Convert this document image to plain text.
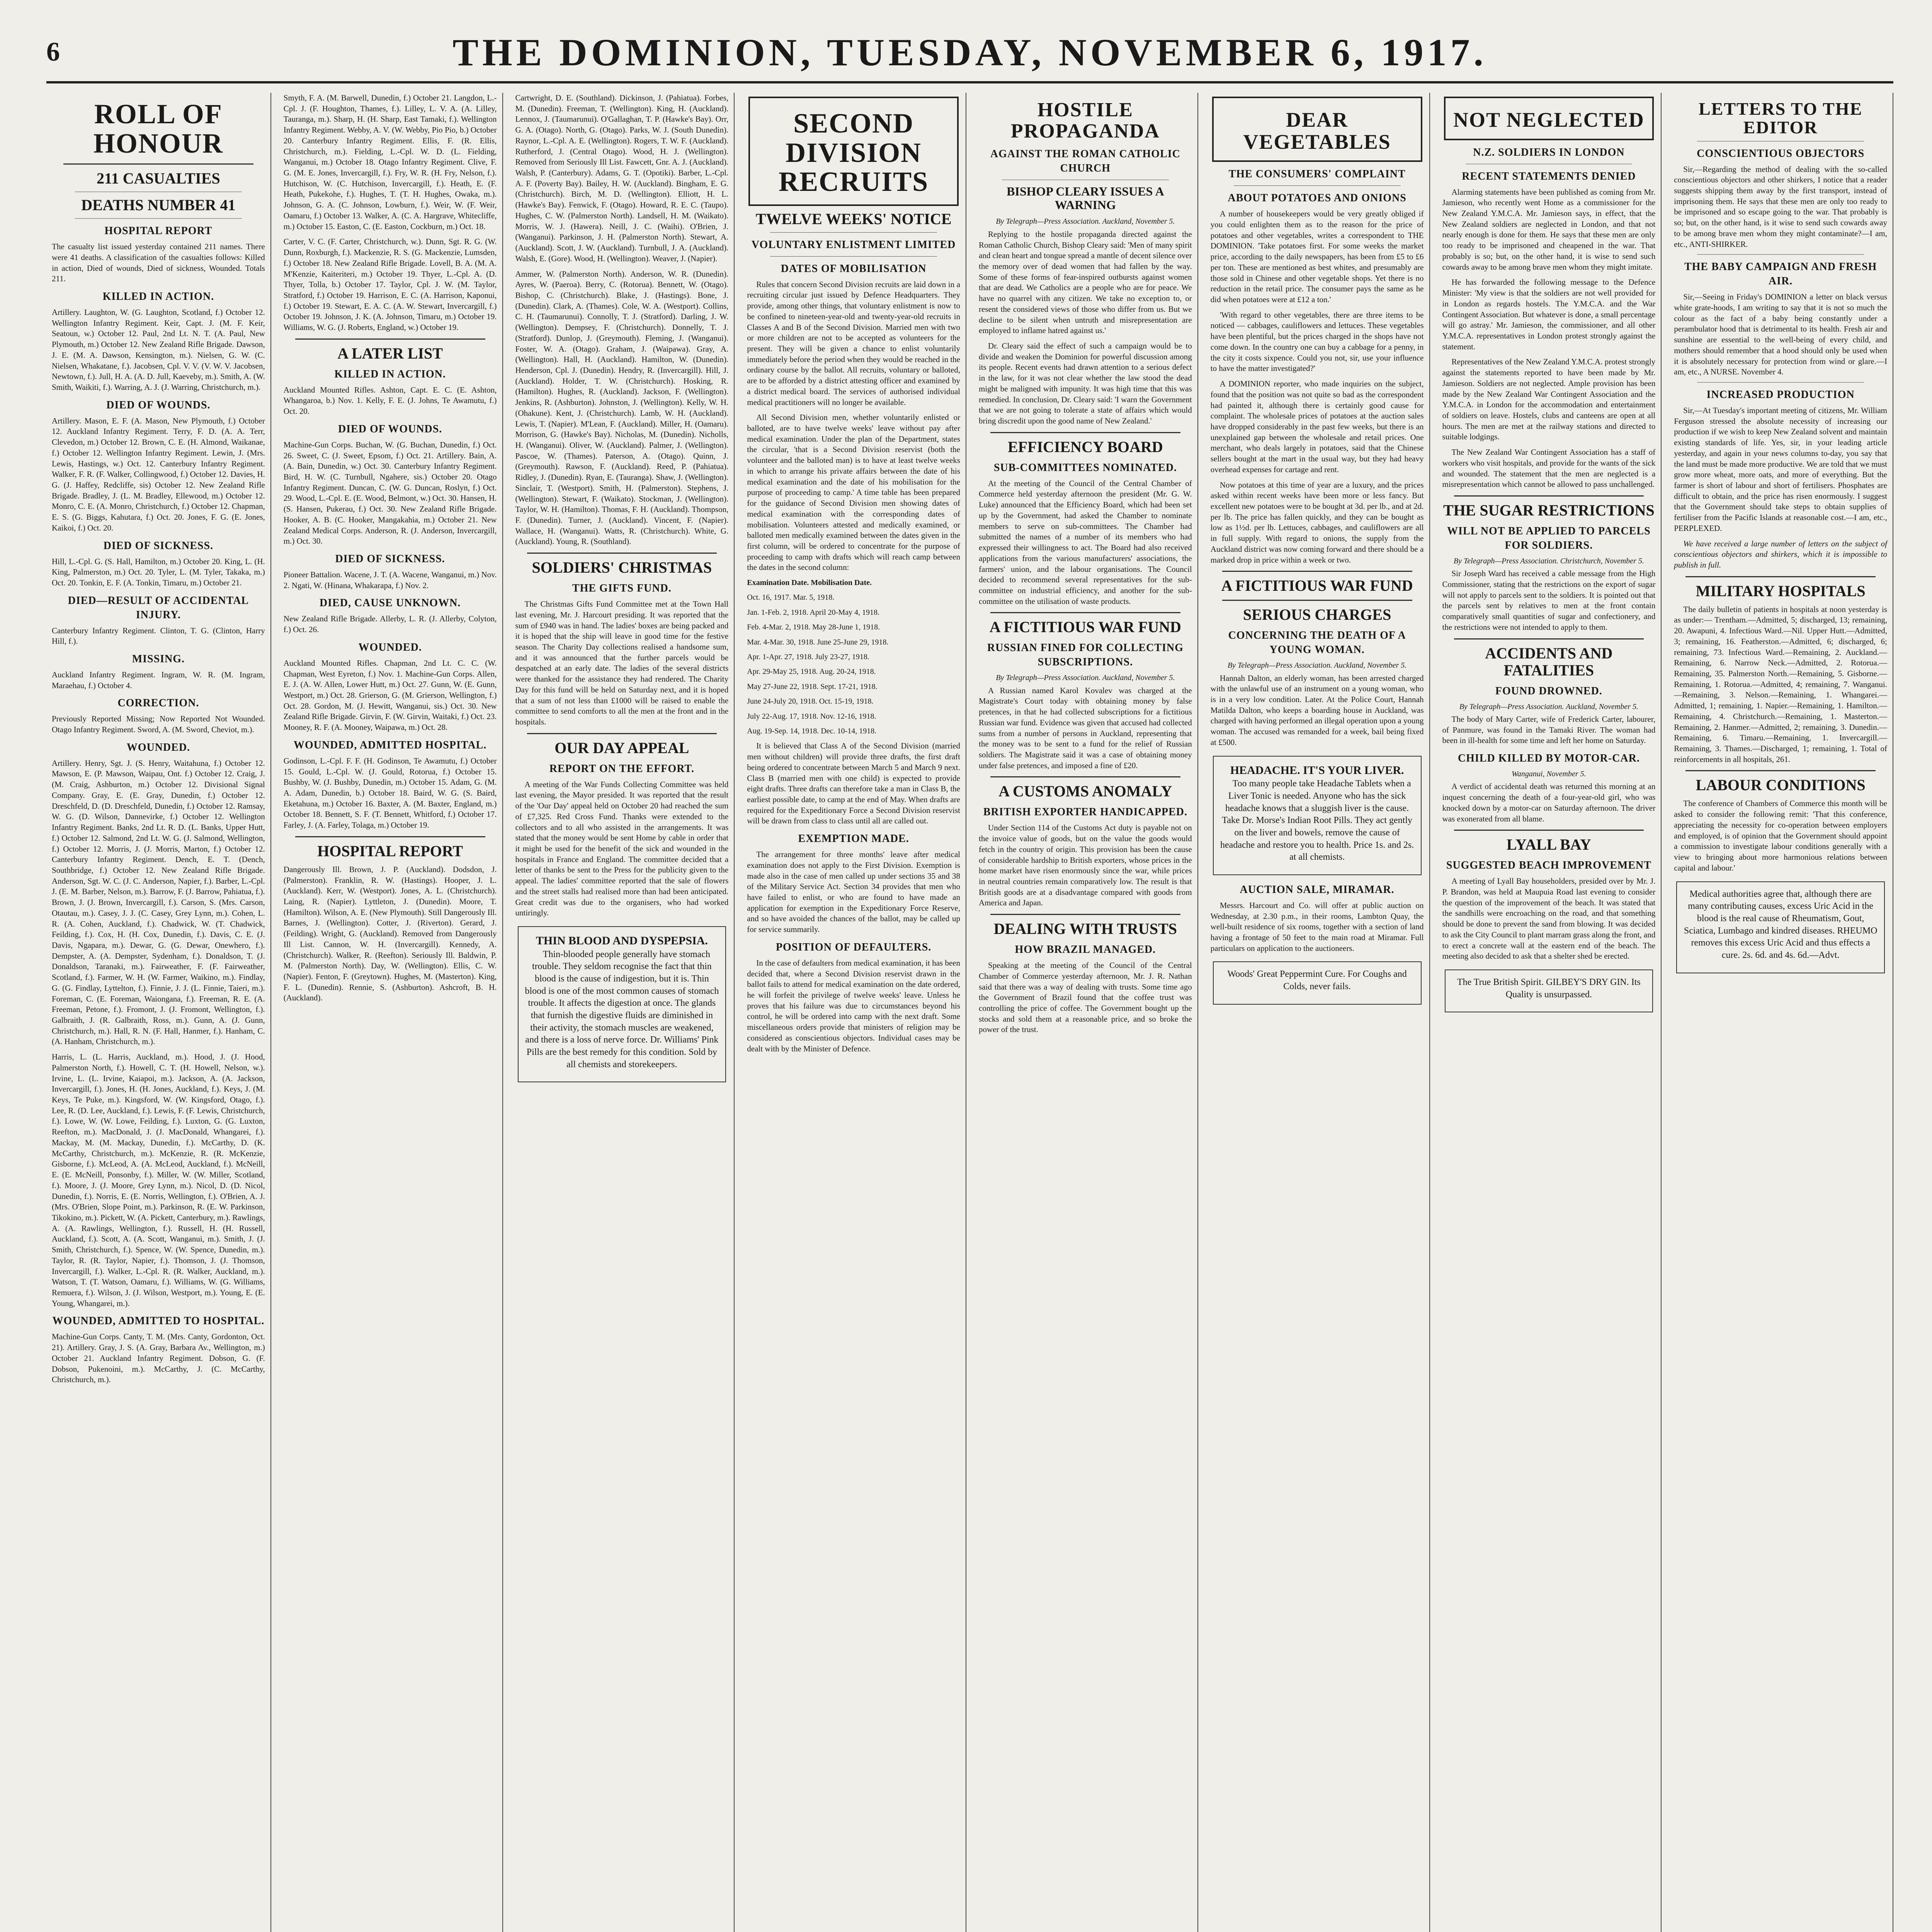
6	THE DOMINION, TUESDAY, NOVEMBER 6, 1917.
ROLL OF HONOUR
211 CASUALTIES
DEATHS NUMBER 41
HOSPITAL REPORT

The casualty list issued yesterday contained 211 names. There were 41 deaths. A classification of the casualties follows: Killed in action, Died of wounds, Died of sickness, Wounded. Totals 211.

KILLED IN ACTION.

Artillery. Laughton, W. (G. Laughton, Scotland, f.) October 12. Wellington Infantry Regiment. Keir, Capt. J. (M. F. Keir, Seatoun, w.) October 12. Paul, 2nd Lt. N. T. (A. Paul, New Plymouth, m.) October 12. New Zealand Rifle Brigade. Dawson, J. E. (M. A. Dawson, Kensington, m.). Nielsen, G. W. (C. Nielsen, Whakatane, f.). Jacobsen, Cpl. V. V. (V. W. V. Jacobsen, Newtown, f.). Jull, H. A. (A. D. Jull, Kaeveby, m.). Smith, A. (W. Smith, Waikiti, f.). Warring, A. J. (J. Warring, Christchurch, m.).

DIED OF WOUNDS.

Artillery. Mason, E. F. (A. Mason, New Plymouth, f.) October 12. Auckland Infantry Regiment. Terry, F. D. (A. A. Terr, Clevedon, m.) October 12. Brown, C. E. (H. Almond, Waikanae, f.) October 12. Wellington Infantry Regiment. Lewin, J. (Mrs. Lewis, Hastings, w.) Oct. 12. Canterbury Infantry Regiment. Walker, F. R. (F. Walker, Collingwood, f.) October 12. Davies, H. G. (J. Haffey, Redcliffe, sis) October 12. New Zealand Rifle Brigade. Bradley, J. (L. M. Bradley, Ellewood, m.) October 12. Monro, C. E. (A. Monro, Christchurch, f.) October 12. Chapman, E. S. (G. Biggs, Kahutara, f.) Oct. 20. Jones, F. G. (E. Jones, Kaikoi, f.) Oct. 20.

DIED OF SICKNESS.

Hill, L.-Cpl. G. (S. Hall, Hamilton, m.) October 20. King, L. (H. King, Palmerston, m.) Oct. 20. Tyler, L. (M. Tyler, Takaka, m.) Oct. 20. Tonkin, E. F. (A. Tonkin, Timaru, m.) October 21.

DIED—RESULT OF ACCIDENTAL INJURY.

Canterbury Infantry Regiment. Clinton, T. G. (Clinton, Harry Hill, f.).

MISSING.

Auckland Infantry Regiment. Ingram, W. R. (M. Ingram, Maraehau, f.) October 4.

CORRECTION.

Previously Reported Missing; Now Reported Not Wounded. Otago Infantry Regiment. Sword, A. (M. Sword, Cheviot, m.).

WOUNDED.

Artillery. Henry, Sgt. J. (S. Henry, Waitahuna, f.) October 12. Mawson, E. (P. Mawson, Waipau, Ont. f.) October 12. Craig, J. (M. Craig, Ashburton, m.) October 12. Divisional Signal Company. Gray, E. (E. Gray, Dunedin, f.) October 12. Dreschfeld, D. (D. Dreschfeld, Dunedin, f.) October 12. Ramsay, W. G. (D. Wilson, Dannevirke, f.) October 12. Wellington Infantry Regiment. Banks, 2nd Lt. R. D. (L. Banks, Upper Hutt, f.) October 12. Salmond, 2nd Lt. W. G. (J. Salmond, Wellington, f.) October 12. Morris, J. (J. Morris, Marton, f.) October 12. Canterbury Infantry Regiment. Dench, E. T. (Dench, Southbridge, f.) October 12. New Zealand Rifle Brigade. Anderson, Sgt. W. C. (J. C. Anderson, Napier, f.). Barber, L.-Cpl. J. (E. M. Barber, Nelson, m.). Barrow, F. (J. Barrow, Pahiatua, f.). Brown, J. (J. Brown, Invercargill, f.). Carson, S. (Mrs. Carson, Otautau, m.). Casey, J. J. (C. Casey, Grey Lynn, m.). Cohen, L. R. (A. Cohen, Auckland, f.). Chadwick, W. (T. Chadwick, Feilding, f.). Cox, H. (H. Cox, Dunedin, f.). Davis, C. E. (J. Davis, Ngapara, m.). Dewar, G. (G. Dewar, Onewhero, f.). Dempster, A. (A. Dempster, Sydenham, f.). Donaldson, T. (J. Donaldson, Taranaki, m.). Fairweather, F. (F. Fairweather, Scotland, f.). Farmer, W. H. (W. Farmer, Waikino, m.). Findlay, G. (G. Findlay, Lyttelton, f.). Finnie, J. J. (L. Finnie, Taieri, m.). Foreman, C. (E. Foreman, Waiongana, f.). Freeman, R. E. (A. Freeman, Petone, f.). Fromont, J. (J. Fromont, Wellington, f.). Galbraith, J. (R. Galbraith, Ross, m.). Gunn, A. (J. Gunn, Christchurch, m.). Hall, R. N. (F. Hall, Hanmer, f.). Hanham, C. (A. Hanham, Christchurch, m.).

Harris, L. (L. Harris, Auckland, m.). Hood, J. (J. Hood, Palmerston North, f.). Howell, C. T. (H. Howell, Nelson, w.). Irvine, L. (L. Irvine, Kaiapoi, m.). Jackson, A. (A. Jackson, Invercargill, f.). Jones, H. (H. Jones, Auckland, f.). Keys, J. (M. Keys, Te Puke, m.). Kingsford, W. (W. Kingsford, Otago, f.). Lee, R. (D. Lee, Auckland, f.). Lewis, F. (F. Lewis, Christchurch, f.). Lowe, W. (W. Lowe, Feilding, f.). Luxton, G. (G. Luxton, Reefton, m.). MacDonald, J. (J. MacDonald, Whangarei, f.). Mackay, M. (M. Mackay, Dunedin, f.). McCarthy, D. (K. McCarthy, Christchurch, m.). McKenzie, R. (R. McKenzie, Gisborne, f.). McLeod, A. (A. McLeod, Auckland, f.). McNeill, E. (E. McNeill, Ponsonby, f.). Miller, W. (W. Miller, Scotland, f.). Moore, J. (J. Moore, Grey Lynn, m.). Nicol, D. (D. Nicol, Dunedin, f.). Norris, E. (E. Norris, Wellington, f.). O'Brien, A. J. (Mrs. O'Brien, Slope Point, m.). Parkinson, R. (E. W. Parkinson, Tikokino, m.). Pickett, W. (A. Pickett, Canterbury, m.). Rawlings, A. (A. Rawlings, Wellington, f.). Russell, H. (H. Russell, Auckland, f.). Scott, A. (A. Scott, Wanganui, m.). Smith, J. (J. Smith, Christchurch, f.). Spence, W. (W. Spence, Dunedin, m.). Taylor, R. (R. Taylor, Napier, f.). Thomson, J. (J. Thomson, Invercargill, f.). Walker, L.-Cpl. R. (R. Walker, Auckland, m.). Watson, T. (T. Watson, Oamaru, f.). Williams, W. (G. Williams, Remuera, f.). Wilson, J. (J. Wilson, Westport, m.). Young, E. (E. Young, Whangarei, m.).

WOUNDED, ADMITTED TO HOSPITAL.

Machine-Gun Corps. Canty, T. M. (Mrs. Canty, Gordonton, Oct. 21). Artillery. Gray, J. S. (A. Gray, Barbara Av., Wellington, m.) October 21. Auckland Infantry Regiment. Dobson, G. (F. Dobson, Pukenoini, m.). McCarthy, J. (C. McCarthy, Christchurch, m.).

Smyth, F. A. (M. Barwell, Dunedin, f.) October 21. Langdon, L.-Cpl. J. (F. Houghton, Thames, f.). Lilley, L. V. A. (A. Lilley, Tauranga, m.). Sharp, H. (H. Sharp, East Tamaki, f.). Wellington Infantry Regiment. Webby, A. V. (W. Webby, Pio Pio, b.) October 20. Canterbury Infantry Regiment. Ellis, F. (R. Ellis, Christchurch, m.). Fielding, L.-Cpl. W. D. (L. Fielding, Wanganui, m.) October 18. Otago Infantry Regiment. Clive, F. G. (M. E. Jones, Invercargill, f.). Fry, W. R. (H. Fry, Nelson, f.). Hutchison, W. (C. Hutchison, Invercargill, f.). Heath, E. (F. Heath, Pukekohe, f.). Hughes, T. (T. H. Hughes, Owaka, m.). Johnson, G. A. (C. Johnson, Lowburn, f.). Weir, W. (F. Weir, Oamaru, f.) October 13. Walker, A. (C. A. Hargrave, Whitecliffe, m.) October 15. Easton, C. (E. Easton, Cockburn, m.) Oct. 18.

Carter, V. C. (F. Carter, Christchurch, w.). Dunn, Sgt. R. G. (W. Dunn, Roxburgh, f.). Mackenzie, R. S. (G. Mackenzie, Lumsden, f.) October 18. New Zealand Rifle Brigade. Lovell, B. A. (M. A. M'Kenzie, Kaiteriteri, m.) October 19. Thyer, L.-Cpl. A. (D. Thyer, Tolla, b.) October 17. Taylor, Cpl. J. W. (M. Taylor, Stratford, f.) October 19. Harrison, E. C. (A. Harrison, Kaponui, f.) October 19. Stewart, E. A. C. (A. W. Stewart, Invercargill, f.) October 19. Johnson, J. K. (A. Johnson, Timaru, m.) October 19. Williams, W. G. (J. Roberts, England, w.) October 19.

A LATER LIST
KILLED IN ACTION.

Auckland Mounted Rifles. Ashton, Capt. E. C. (E. Ashton, Whangaroa, b.) Nov. 1. Kelly, F. E. (J. Johns, Te Awamutu, f.) Oct. 20.

DIED OF WOUNDS.

Machine-Gun Corps. Buchan, W. (G. Buchan, Dunedin, f.) Oct. 26. Sweet, C. (J. Sweet, Epsom, f.) Oct. 21. Artillery. Bain, A. (A. Bain, Dunedin, w.) Oct. 30. Canterbury Infantry Regiment. Bird, H. W. (C. Turnbull, Ngahere, sis.) October 20. Otago Infantry Regiment. Duncan, C. (W. G. Duncan, Roslyn, f.) Oct. 29. Wood, L.-Cpl. E. (E. Wood, Belmont, w.) Oct. 30. Hansen, H. (S. Hansen, Pukerau, f.) Oct. 30. New Zealand Rifle Brigade. Hooker, A. B. (C. Hooker, Mangakahia, m.) October 21. New Zealand Medical Corps. Anderson, R. (J. Anderson, Invercargill, m.) Oct. 30.

DIED OF SICKNESS.

Pioneer Battalion. Wacene, J. T. (A. Wacene, Wanganui, m.) Nov. 2. Ngati, W. (Hinana, Whakarapa, f.) Nov. 2.

DIED, CAUSE UNKNOWN.

New Zealand Rifle Brigade. Allerby, L. R. (J. Allerby, Colyton, f.) Oct. 26.

WOUNDED.

Auckland Mounted Rifles. Chapman, 2nd Lt. C. C. (W. Chapman, West Eyreton, f.) Nov. 1. Machine-Gun Corps. Allen, E. J. (A. W. Allen, Lower Hutt, m.) Oct. 27. Gunn, W. (E. Gunn, Westport, m.) Oct. 28. Grierson, G. (M. Grierson, Wellington, f.) Oct. 28. Gordon, M. (J. Hewitt, Wanganui, sis.) Oct. 30. New Zealand Rifle Brigade. Girvin, F. (W. Girvin, Waitaki, f.) Oct. 23. Mooney, R. F. (A. Mooney, Waipawa, m.) Oct. 28.

WOUNDED, ADMITTED HOSPITAL.

Godinson, L.-Cpl. F. F. (H. Godinson, Te Awamutu, f.) October 15. Gould, L.-Cpl. W. (J. Gould, Rotorua, f.) October 15. Bushby, W. (J. Bushby, Dunedin, m.) October 15. Adam, G. (M. A. Adam, Dunedin, b.) October 18. Baird, W. G. (S. Baird, Eketahuna, m.) October 16. Baxter, A. (M. Baxter, England, m.) October 18. Bennett, S. F. (T. Bennett, Whitford, f.) October 17. Farley, J. (A. Farley, Tolaga, m.) October 19.

HOSPITAL REPORT

Dangerously Ill. Brown, J. P. (Auckland). Dodsdon, J. (Palmerston). Franklin, R. W. (Hastings). Hooper, J. L. (Auckland). Kerr, W. (Westport). Jones, A. L. (Christchurch). Laing, R. (Napier). Lyttleton, J. (Dunedin). Moore, T. (Hamilton). Wilson, A. E. (New Plymouth). Still Dangerously Ill. Barnes, J. (Wellington). Cotter, J. (Riverton). Gerard, J. (Feilding). Wright, G. (Auckland). Removed from Dangerously Ill List. Cannon, W. H. (Invercargill). Kennedy, A. (Christchurch). Walker, R. (Reefton). Seriously Ill. Baldwin, P. M. (Palmerston North). Day, W. (Wellington). Ellis, C. W. (Napier). Fenton, F. (Greytown). Hughes, M. (Masterton). King, F. L. (Dunedin). Rennie, S. (Ashburton). Ashcroft, B. H. (Auckland).

Cartwright, D. E. (Southland). Dickinson, J. (Pahiatua). Forbes, M. (Dunedin). Freeman, T. (Wellington). King, H. (Auckland). Lennox, J. (Taumarunui). O'Gallaghan, T. P. (Hawke's Bay). Orr, G. A. (Otago). North, G. (Otago). Parks, W. J. (South Dunedin). Raynor, L.-Cpl. A. E. (Wellington). Rogers, T. W. F. (Auckland). Rutherford, J. (Central Otago). Wood, H. J. (Wellington). Removed from Seriously Ill List. Fawcett, Gnr. A. J. (Auckland). Walsh, P. (Canterbury). Adams, G. T. (Opotiki). Barber, L.-Cpl. A. F. (Poverty Bay). Bailey, H. W. (Auckland). Bingham, E. G. (Christchurch). Birch, M. D. (Wellington). Elliott, H. L. (Hawke's Bay). Fenwick, F. (Otago). Howard, R. E. C. (Taupo). Hughes, C. W. (Palmerston North). Landsell, H. M. (Waikato). Morris, W. J. (Hawera). Neill, J. C. (Waihi). O'Brien, J. (Wanganui). Parkinson, J. H. (Palmerston North). Stewart, A. (Auckland). Scott, J. W. (Auckland). Turnbull, J. A. (Auckland). Walsh, E. (Gore). Wood, H. (Wellington). Weaver, J. (Napier).

Ammer, W. (Palmerston North). Anderson, W. R. (Dunedin). Ayres, W. (Paeroa). Berry, C. (Rotorua). Bennett, W. (Otago). Bishop, C. (Christchurch). Blake, J. (Hastings). Bone, J. (Dunedin). Clark, A. (Thames). Cole, W. A. (Westport). Collins, C. H. (Taumarunui). Connolly, T. J. (Stratford). Darling, J. W. (Wellington). Dempsey, F. (Christchurch). Donnelly, T. J. (Stratford). Dunlop, J. (Greymouth). Fleming, J. (Wanganui). Foster, W. A. (Otago). Graham, J. (Waipawa). Gray, A. (Wellington). Hall, H. (Auckland). Hamilton, W. (Dunedin). Henderson, Cpl. J. (Dunedin). Hendry, R. (Invercargill). Hill, J. (Auckland). Holder, T. W. (Christchurch). Hosking, R. (Hamilton). Hughes, R. (Auckland). Jackson, F. (Wellington). Jenkins, R. (Ashburton). Johnston, J. (Wellington). Kelly, W. H. (Ohakune). Kent, J. (Christchurch). Lamb, W. H. (Auckland). Lewis, T. (Napier). M'Lean, F. (Auckland). Miller, H. (Oamaru). Morrison, G. (Hawke's Bay). Nicholas, M. (Dunedin). Nicholls, H. (Wanganui). Oliver, W. (Auckland). Palmer, J. (Wellington). Pascoe, W. (Thames). Paterson, A. (Otago). Quinn, J. (Greymouth). Rawson, F. (Auckland). Reed, P. (Pahiatua). Ridley, J. (Dunedin). Ryan, E. (Tauranga). Shaw, J. (Wellington). Sinclair, T. (Westport). Smith, H. (Palmerston). Stephens, J. (Wellington). Stewart, F. (Waikato). Stockman, J. (Wellington). Taylor, W. H. (Hamilton). Thomas, F. H. (Auckland). Thompson, F. (Dunedin). Turner, J. (Auckland). Vincent, F. (Napier). Wallace, H. (Wanganui). Watts, R. (Christchurch). White, G. (Auckland). Young, R. (Southland).

SOLDIERS' CHRISTMAS
THE GIFTS FUND.

The Christmas Gifts Fund Committee met at the Town Hall last evening, Mr. J. Harcourt presiding. It was reported that the sum of £940 was in hand. The ladies' boxes are being packed and it is hoped that the ship will leave in good time for the festive season. The Charity Day collections realised a handsome sum, and it was announced that the further parcels would be despatched at an early date. The ladies of the several districts were thanked for the assistance they had rendered. The Charity Day for this fund will be held on Saturday next, and it is hoped that a sum of not less than £1000 will be raised to enable the committee to send comforts to all the men at the front and in the hospitals.

OUR DAY APPEAL
REPORT ON THE EFFORT.

A meeting of the War Funds Collecting Committee was held last evening, the Mayor presided. It was reported that the result of the 'Our Day' appeal held on October 20 had reached the sum of £7,325. Red Cross Fund. Thanks were extended to the collectors and to all who assisted in the arrangements. It was stated that the money would be sent Home by cable in order that it might be used for the benefit of the sick and wounded in the hospitals in France and England. The committee decided that a letter of thanks be sent to the Press for the publicity given to the appeal. The ladies' committee reported that the sale of flowers and the street stalls had realised more than had been anticipated. Great credit was due to the organisers, who had worked untiringly.

THIN BLOOD AND DYSPEPSIA.

Thin-blooded people generally have stomach trouble. They seldom recognise the fact that thin blood is the cause of indigestion, but it is. Thin blood is one of the most common causes of stomach trouble. It affects the digestion at once. The glands that furnish the digestive fluids are diminished in their activity, the stomach muscles are weakened, and there is a loss of nerve force. Dr. Williams' Pink Pills are the best remedy for this condition. Sold by all chemists and storekeepers.

SECOND DIVISION RECRUITS
TWELVE WEEKS' NOTICE
VOLUNTARY ENLISTMENT LIMITED
DATES OF MOBILISATION

Rules that concern Second Division recruits are laid down in a recruiting circular just issued by Defence Headquarters. They provide, among other things, that voluntary enlistment is now to be confined to nineteen-year-old and twenty-year-old recruits in Classes A and B of the Second Division. Married men with two or more children are not to be accepted as volunteers for the present. They will be given a chance to enlist voluntarily immediately before the period when they would be reached in the ordinary course by the ballot. All recruits, voluntary or balloted, are to be afforded by a district attesting officer and examined by a district medical board. The services of authorised individual medical practitioners will no longer be available.

All Second Division men, whether voluntarily enlisted or balloted, are to have twelve weeks' leave without pay after medical examination. Under the plan of the Department, states the circular, 'that is a Second Division reservist (both the volunteer and the balloted man) is to have at least twelve weeks in which to arrange his private affairs between the date of his medical examination and the date of his mobilisation for the purpose of proceeding to camp.' A time table has been prepared for the guidance of Second Division men showing dates of medical examination with the corresponding dates of mobilisation. Volunteers attested and medically examined, or balloted men medically examined between the dates given in the first column, will be ordered to concentrate for the purpose of proceeding to camp with drafts which will reach camp between the dates in the second column:

Examination Date. Mobilisation Date.

Oct. 16, 1917. Mar. 5, 1918.

Jan. 1-Feb. 2, 1918. April 20-May 4, 1918.

Feb. 4-Mar. 2, 1918. May 28-June 1, 1918.

Mar. 4-Mar. 30, 1918. June 25-June 29, 1918.

Apr. 1-Apr. 27, 1918. July 23-27, 1918.

Apr. 29-May 25, 1918. Aug. 20-24, 1918.

May 27-June 22, 1918. Sept. 17-21, 1918.

June 24-July 20, 1918. Oct. 15-19, 1918.

July 22-Aug. 17, 1918. Nov. 12-16, 1918.

Aug. 19-Sep. 14, 1918. Dec. 10-14, 1918.

It is believed that Class A of the Second Division (married men without children) will provide three drafts, the first draft being ordered to concentrate between March 5 and March 9 next. Class B (married men with one child) is expected to provide eight drafts. Three drafts can therefore take a man in Class B, the earliest possible date, to camp at the end of May. When drafts are required for the Expeditionary Force a Second Division reservist will be drawn from class to class until all are called out.

EXEMPTION MADE.

The arrangement for three months' leave after medical examination does not apply to the First Division. Exemption is made also in the case of men called up under sections 35 and 38 of the Military Service Act. Section 34 provides that men who have failed to enlist, or who are found to have made an application for exemption in the Expeditionary Force Reserve, and so have avoided the chances of the ballot, may be called up for service summarily.

POSITION OF DEFAULTERS.

In the case of defaulters from medical examination, it has been decided that, where a Second Division reservist drawn in the ballot fails to attend for medical examination on the date ordered, he will forfeit the privilege of twelve weeks' leave. Unless he proves that his failure was due to circumstances beyond his control, he will be ordered into camp with the next draft. Some miscellaneous orders provide that ministers of religion may be considered as conscientious objectors. Individual cases may be dealt with by the Minister of Defence.

HOSTILE PROPAGANDA
AGAINST THE ROMAN CATHOLIC CHURCH
BISHOP CLEARY ISSUES A WARNING
By Telegraph—Press Association. Auckland, November 5.

Replying to the hostile propaganda directed against the Roman Catholic Church, Bishop Cleary said: 'Men of many spirit and clean heart and tongue spread a mantle of decent silence over the memory over of dead women that had fallen by the way. Some of these forms of fear-inspired outbursts against women that are dead. We Catholics are a people who are for peace. We have no quarrel with any citizen. We take no exception to, or resent the considered views of those who differ from us. But we decline to be silent when untruth and misrepresentation are employed to inflame hatred against us.'

Dr. Cleary said the effect of such a campaign would be to divide and weaken the Dominion for powerful discussion among its people. Recent events had drawn attention to a serious defect in the law, for it was not clear whether the law stood the dead might be maligned with impunity. It was high time that this was remedied. In conclusion, Dr. Cleary said: 'I warn the Government that we are not going to tolerate a state of affairs which would bring discredit upon the good name of New Zealand.'

EFFICIENCY BOARD
SUB-COMMITTEES NOMINATED.

At the meeting of the Council of the Central Chamber of Commerce held yesterday afternoon the president (Mr. G. W. Luke) announced that the Efficiency Board, which had been set up by the Government, had asked the Chamber to nominate members to serve on sub-committees. The Chamber had submitted the names of a number of its members who had expressed their willingness to act. The Board had also received applications from the various manufacturers' associations, the farmers' union, and the labour organisations. The Council decided to recommend several representatives for the sub-committee on industrial efficiency, and another for the sub-committee on the utilisation of waste products.

A FICTITIOUS WAR FUND
RUSSIAN FINED FOR COLLECTING SUBSCRIPTIONS.
By Telegraph—Press Association. Auckland, November 5.

A Russian named Karol Kovalev was charged at the Magistrate's Court today with obtaining money by false pretences, in that he had collected subscriptions for a fictitious Russian war fund. Evidence was given that accused had collected sums from a number of persons in Auckland, representing that the money was to be sent to a fund for the relief of Russian soldiers. The Magistrate said it was a case of obtaining money under false pretences, and imposed a fine of £20.

A CUSTOMS ANOMALY
BRITISH EXPORTER HANDICAPPED.

Under Section 114 of the Customs Act duty is payable not on the invoice value of goods, but on the value the goods would fetch in the country of origin. This provision has been the cause of considerable hardship to British exporters, whose prices in the home market have risen enormously since the war, while prices in neutral countries remain comparatively low. The result is that British goods are at a disadvantage compared with goods from America and Japan.

DEALING WITH TRUSTS
HOW BRAZIL MANAGED.

Speaking at the meeting of the Council of the Central Chamber of Commerce yesterday afternoon, Mr. J. R. Nathan said that there was a way of dealing with trusts. Some time ago the Government of Brazil found that the coffee trust was controlling the price of coffee. The Government bought up the stocks and sold them at a reasonable price, and so broke the power of the trust.

DEAR VEGETABLES
THE CONSUMERS' COMPLAINT
ABOUT POTATOES AND ONIONS

A number of housekeepers would be very greatly obliged if you could enlighten them as to the reason for the price of potatoes and other vegetables, writes a correspondent to THE DOMINION. 'Take potatoes first. For some weeks the market price, according to the daily newspapers, has been from £5 to £6 per ton. These are mentioned as best whites, and presumably are those sold in Chinese and other vegetable shops. Yet there is no reduction in the retail price. The consumer pays the same as he did when potatoes were at £12 a ton.'

'With regard to other vegetables, there are three items to be noticed — cabbages, cauliflowers and lettuces. These vegetables have been plentiful, but the prices charged in the shops have not come down. In the country one can buy a cabbage for a penny, in the city it costs sixpence. Could you not, sir, use your influence to have the matter investigated?'

A DOMINION reporter, who made inquiries on the subject, found that the position was not quite so bad as the correspondent had painted it, although there is certainly good cause for complaint. The wholesale prices of potatoes at the auction sales have dropped considerably in the past few weeks, but there is an unexplained gap between the wholesale and retail prices. One merchant, who deals largely in potatoes, said that the Chinese sellers bought at the mart in the usual way, but they had heavy overhead expenses for cartage and rent.

Now potatoes at this time of year are a luxury, and the prices asked within recent weeks have been more or less fancy. But excellent new potatoes were to be bought at 3d. per lb., and at 2d. per lb. The price has fallen quickly, and they can be bought as low as 1½d. per lb. Lettuces, cabbages, and cauliflowers are all in full supply. With regard to onions, the supply from the Auckland district was now coming forward and there should be a marked drop in price within a week or two.

A FICTITIOUS WAR FUND
SERIOUS CHARGES
CONCERNING THE DEATH OF A YOUNG WOMAN.
By Telegraph—Press Association. Auckland, November 5.

Hannah Dalton, an elderly woman, has been arrested charged with the unlawful use of an instrument on a young woman, who is in a very low condition. Later. At the Police Court, Hannah Matilda Dalton, who keeps a boarding house in Auckland, was charged with having performed an illegal operation upon a young woman. The accused was remanded for a week, bail being fixed at £500.

HEADACHE. IT'S YOUR LIVER.

Too many people take Headache Tablets when a Liver Tonic is needed. Anyone who has the sick headache knows that a sluggish liver is the cause. Take Dr. Morse's Indian Root Pills. They act gently on the liver and bowels, remove the cause of headache and restore you to health. Price 1s. and 2s. at all chemists.

AUCTION SALE, MIRAMAR.

Messrs. Harcourt and Co. will offer at public auction on Wednesday, at 2.30 p.m., in their rooms, Lambton Quay, the well-built residence of six rooms, together with a section of land having a frontage of 50 feet to the main road at Miramar. Full particulars on application to the auctioneers.

Woods' Great Peppermint Cure. For Coughs and Colds, never fails.

NOT NEGLECTED
N.Z. SOLDIERS IN LONDON
RECENT STATEMENTS DENIED

Alarming statements have been published as coming from Mr. Jamieson, who recently went Home as a commissioner for the New Zealand Y.M.C.A. Mr. Jamieson says, in effect, that the New Zealand soldiers are neglected in London, and that not nearly enough is done for them. He says that these men are only too ready to be imprisoned and cheapened in the war. That probably is so; but, on the other hand, it is wise to send such cowards away to be among brave men whom they might imitate.

He has forwarded the following message to the Defence Minister: 'My view is that the soldiers are not well provided for in London as regards hostels. The Y.M.C.A. and the War Contingent Association. But whatever is done, a small percentage will go astray.' Mr. Jamieson, the commissioner, and all other Y.M.C.A. representatives in London protest strongly against the statement.

Representatives of the New Zealand Y.M.C.A. protest strongly against the statements reported to have been made by Mr. Jamieson. Soldiers are not neglected. Ample provision has been made by the New Zealand War Contingent Association and the Y.M.C.A. in London for the accommodation and entertainment of soldiers on leave. Hostels, clubs and canteens are open at all hours. The men are met at the railway stations and directed to suitable lodgings.

The New Zealand War Contingent Association has a staff of workers who visit hospitals, and provide for the wants of the sick and wounded. The statement that the men are neglected is a misrepresentation which cannot be allowed to pass unchallenged.

THE SUGAR RESTRICTIONS
WILL NOT BE APPLIED TO PARCELS FOR SOLDIERS.
By Telegraph—Press Association. Christchurch, November 5.

Sir Joseph Ward has received a cable message from the High Commissioner, stating that the restrictions on the export of sugar will not apply to parcels sent to the soldiers. It is pointed out that the parcels sent by relatives to men at the front contain comparatively small quantities of sugar and confectionery, and the restrictions were not intended to apply to them.

ACCIDENTS AND FATALITIES
FOUND DROWNED.
By Telegraph—Press Association. Auckland, November 5.

The body of Mary Carter, wife of Frederick Carter, labourer, of Panmure, was found in the Tamaki River. The woman had been in ill-health for some time and left her home on Saturday.

CHILD KILLED BY MOTOR-CAR.
Wanganui, November 5.

A verdict of accidental death was returned this morning at an inquest concerning the death of a four-year-old girl, who was knocked down by a motor-car on Saturday afternoon. The driver was exonerated from all blame.

LYALL BAY
SUGGESTED BEACH IMPROVEMENT

A meeting of Lyall Bay householders, presided over by Mr. J. P. Brandon, was held at Maupuia Road last evening to consider the question of the improvement of the beach. It was stated that the sandhills were encroaching on the road, and that something should be done to prevent the sand from blowing. It was decided to ask the City Council to plant marram grass along the front, and to erect a concrete wall at the eastern end of the beach. The meeting also decided to ask that a shelter shed be erected.

The True British Spirit. GILBEY'S DRY GIN. Its Quality is unsurpassed.

LETTERS TO THE EDITOR
CONSCIENTIOUS OBJECTORS

Sir,—Regarding the method of dealing with the so-called conscientious objectors and other shirkers, I notice that a reader suggests shipping them away by the first transport, instead of imprisoning them. He says that these men are only too ready to be imprisoned and so escape going to the war. That probably is so; but, on the other hand, is it wise to send such cowards away to be among brave men whom they might contaminate?—I am, etc., ANTI-SHIRKER.

THE BABY CAMPAIGN AND FRESH AIR.

Sir,—Seeing in Friday's DOMINION a letter on black versus white grate-hoods, I am writing to say that it is not so much the colour as the fact of a baby being constantly under a perambulator hood that is detrimental to its health. Fresh air and sunshine are essential to the well-being of every child, and mothers should remember that a hood should only be used when it is absolutely necessary for protection from wind or glare.—I am, etc., A NURSE. November 4.

INCREASED PRODUCTION

Sir,—At Tuesday's important meeting of citizens, Mr. William Ferguson stressed the absolute necessity of increasing our production if we wish to keep New Zealand solvent and maintain existing standards of life. Yes, sir, in your leading article yesterday, and again in your news columns to-day, you say that the land must be made more productive. We are told that we must grow more wheat, more oats, and more of everything. But the farmer is short of labour and short of fertilisers. Phosphates are difficult to obtain, and the price has risen enormously. I suggest that the Government should take steps to obtain supplies of fertiliser from the Pacific Islands at reasonable cost.—I am, etc., PERPLEXED.

We have received a large number of letters on the subject of conscientious objectors and shirkers, which it is impossible to publish in full.

MILITARY HOSPITALS

The daily bulletin of patients in hospitals at noon yesterday is as under:— Trentham.—Admitted, 5; discharged, 13; remaining, 20. Awapuni, 4. Infectious Ward.—Nil. Upper Hutt.—Admitted, 3; remaining, 16. Featherston.—Admitted, 6; discharged, 6; remaining, 73. Infectious Ward.—Remaining, 2. Auckland.—Remaining, 6. Narrow Neck.—Admitted, 2. Rotorua.—Remaining, 35. Palmerston North.—Remaining, 5. Gisborne.—Remaining, 1. Rotorua.—Admitted, 4; remaining, 7. Wanganui.—Remaining, 3. Nelson.—Remaining, 1. Whangarei.—Admitted, 1; remaining, 1. Napier.—Remaining, 1. Hamilton.—Remaining, 4. Christchurch.—Remaining, 1. Masterton.—Remaining, 2. Hanmer.—Admitted, 2; remaining, 3. Dunedin.—Remaining, 6. Timaru.—Remaining, 1. Invercargill.—Remaining, 3. Thames.—Discharged, 1; remaining, 1. Total of reinforcements in all hospitals, 261.

LABOUR CONDITIONS

The conference of Chambers of Commerce this month will be asked to consider the following remit: 'That this conference, appreciating the necessity for co-operation between employers and employed, is of opinion that the Government should appoint a commission to investigate labour conditions generally with a view to bringing about more harmonious relations between capital and labour.'

Medical authorities agree that, although there are many contributing causes, excess Uric Acid in the blood is the real cause of Rheumatism, Gout, Sciatica, Lumbago and kindred diseases. RHEUMO removes this excess Uric Acid and thus effects a cure. 2s. 6d. and 4s. 6d.—Advt.
